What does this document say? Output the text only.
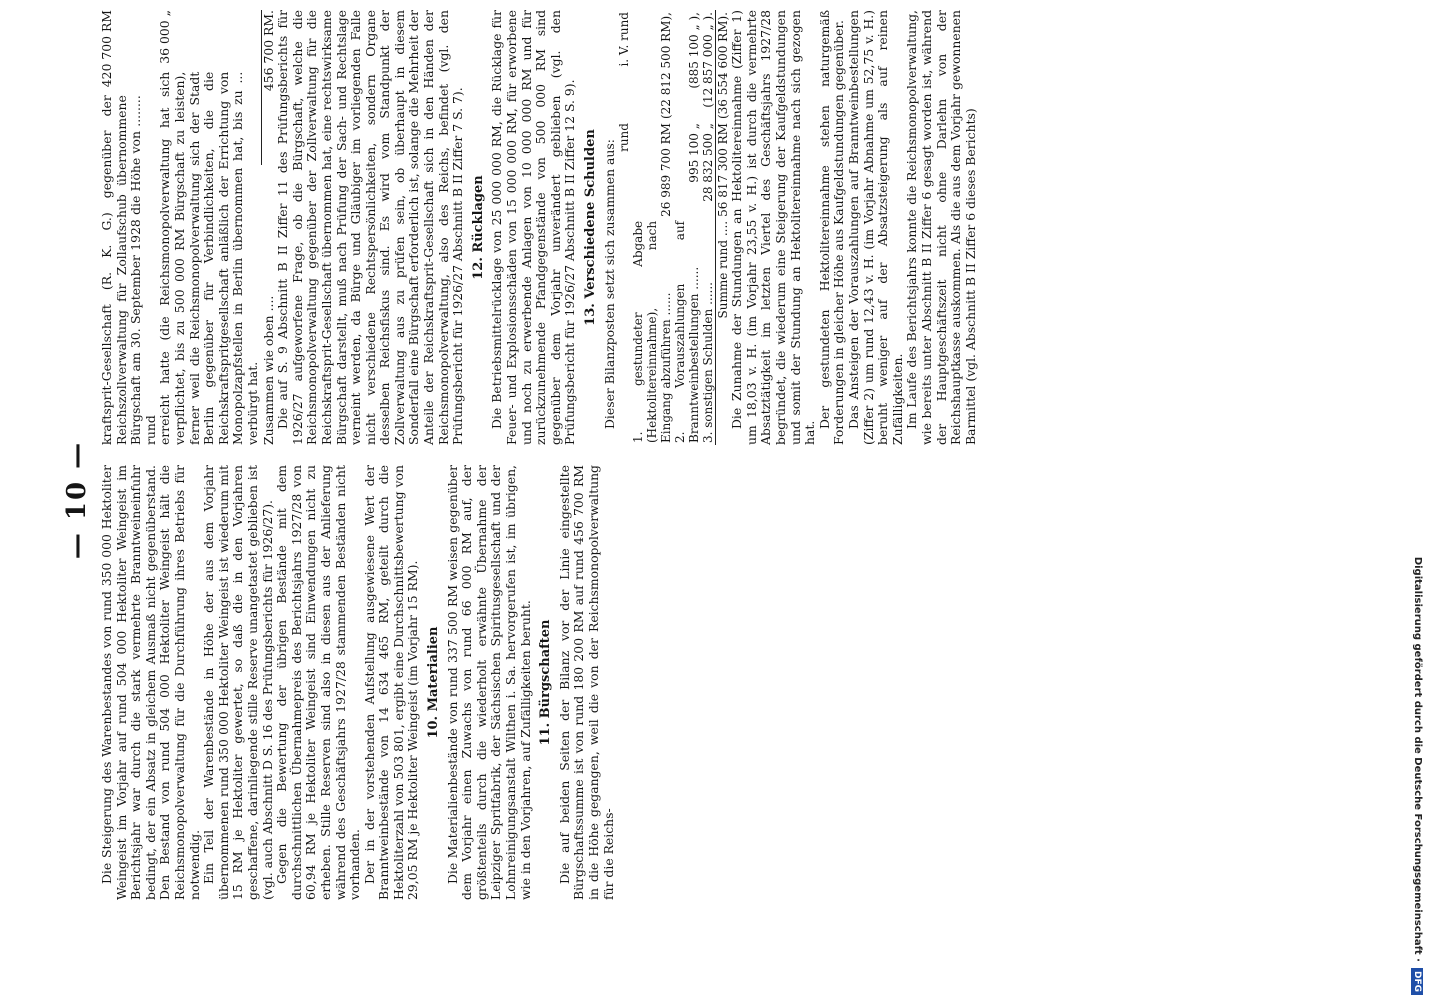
— 10 — Die Steigerung des Warenbestandes von rund 350 000 Hektoliter Weingeist im Vorjahr auf rund 504 000 Hektoliter Weingeist im Berichtsjahr war durch die stark vermehrte Branntweineinfuhr bedingt, der ein Absatz in gleichem Ausmaß nicht gegenüberstand. Den Bestand von rund 504 000 Hektoliter Weingeist hält die Reichsmonopolverwaltung für die Durchführung ihres Betriebs für notwendig. Ein Teil der Warenbestände in Höhe der aus dem Vorjahr übernommenen rund 350 000 Hektoliter Weingeist ist wiederum mit 15 RM je Hektoliter gewertet, so daß die in den Vorjahren geschaffene, darinliegende stille Reserve unangetastet geblieben ist (vgl. auch Abschnitt D S. 16 des Prüfungsberichts für 1926/27). Gegen die Bewertung der übrigen Bestände mit dem durchschnittlichen Übernahmepreis des Berichtsjahrs 1927/28 von 60,94 RM je Hektoliter Weingeist sind Einwendungen nicht zu erheben. Stille Reserven sind also in diesen aus der Anlieferung während des Geschäftsjahrs 1927/28 stammenden Beständen nicht vorhanden. Der in der vorstehenden Aufstellung ausgewiesene Wert der Branntweinbestände von 14 634 465 RM, geteilt durch die Hektoliterzahl von 503 801, ergibt eine Durchschnittsbewertung von 29,05 RM je Hektoliter Weingeist (im Vorjahr 15 RM). 10. Materialien Die Materialienbestände von rund 337 500 RM weisen gegenüber dem Vorjahr einen Zuwachs von rund 66 000 RM auf, der größtenteils durch die wiederholt erwähnte Übernahme der Leipziger Spritfabrik, der Sächsischen Spiritusgesellschaft und der Lohnreinigungsanstalt Wilthen i. Sa. hervorgerufen ist, im übrigen, wie in den Vorjahren, auf Zufälligkeiten beruht. 11. Bürgschaften Die auf beiden Seiten der Bilanz vor der Linie eingestellte Bürgschaftssumme ist von rund 180 200 RM auf rund 456 700 RM in die Höhe gegangen, weil die von der Reichsmonopolverwaltung für die Reichs-

kraftsprit-Gesellschaft (R. K. G.) gegenüber der Reichszollverwaltung für Zollaufschub übernommene Bürgschaft am 30. September 1928 die Höhe von ........ rund
420 700 RM
erreicht hatte (die Reichsmonopolverwaltung hat sich verpflichtet, bis zu 500 000 RM Bürgschaft zu leisten), ferner weil die Reichsmonopolverwaltung sich der Stadt Berlin gegenüber für Verbindlichkeiten, die die Reichskraftspritgesellschaft anläßlich der Errichtung von Monopolzapfstellen in Berlin übernommen hat, bis zu ... verbürgt hat.
36 000 „
Zusammen wie oben ....
456 700 RM. Die auf S. 9 Abschnitt B II Ziffer 11 des Prüfungsberichts für 1926/27 aufgeworfene Frage, ob die Bürgschaft, welche die Reichsmonopolverwaltung gegenüber der Zollverwaltung für die Reichskraftsprit-Gesellschaft übernommen hat, eine rechtswirksame Bürgschaft darstellt, muß nach Prüfung der Sach- und Rechtslage verneint werden, da Bürge und Gläubiger im vorliegenden Falle nicht verschiedene Rechtspersönlichkeiten, sondern Organe desselben Reichsfiskus sind. Es wird vom Standpunkt der Zollverwaltung aus zu prüfen sein, ob überhaupt in diesem Sonderfall eine Bürgschaft erforderlich ist, solange die Mehrheit der Anteile der Reichskraftsprit-Gesellschaft sich in den Händen der Reichsmonopolverwaltung, also des Reichs, befindet (vgl. den Prüfungsbericht für 1926/27 Abschnitt B II Ziffer 7 S. 7). 12. Rücklagen Die Betriebsmittelrücklage von 25 000 000 RM, die Rücklage für Feuer- und Explosionsschäden von 15 000 000 RM, für erworbene und noch zu erwerbende Anlagen von 10 000 000 RM und für zurückzunehmende Pfandgegenstände von 500 000 RM sind gegenüber dem Vorjahr unverändert geblieben (vgl. den Prüfungsbericht für 1926/27 Abschnitt B II Ziffer 12 S. 9). 13. Verschiedene Schulden Dieser Bilanzposten setzt sich zusammen aus:

	rund	i. V. rund
1. gestundeter Abgabe (Hektolitereinnahme), nach Eingang abzuführen ......	26 989 700 RM	(22 812 500 RM),
2. Vorauszahlungen auf Branntweinbestellungen ......	995 100 „	(885 100 „ ),
3. sonstigen Schulden ......	28 832 500 „	(12 857 000 „ ).
Summe rund ....	56 817 300 RM	(36 554 600 RM). Die Zunahme der Stundungen an Hektolitereinnahme (Ziffer 1) um 18,03 v. H. (im Vorjahr 23,55 v. H.) ist durch die vermehrte Absatztätigkeit im letzten Viertel des Geschäftsjahrs 1927/28 begründet, die wiederum eine Steigerung der Kaufgeldstundungen und somit der Stundung an Hektolitereinnahme nach sich gezogen hat.

Der gestundeten Hektolitereinnahme stehen naturgemäß Forderungen in gleicher Höhe aus Kaufgeldstundungen gegenüber. Das Ansteigen der Vorauszahlungen auf Branntweinbestellungen (Ziffer 2) um rund 12,43 v. H. (im Vorjahr Abnahme um 52,75 v. H.) beruht weniger auf der Absatzsteigerung als auf reinen Zufälligkeiten. Im Laufe des Berichtsjahrs konnte die Reichsmonopolverwaltung, wie bereits unter Abschnitt B II Ziffer 6 gesagt worden ist, während der Hauptgeschäftszeit nicht ohne Darlehn von der Reichshauptkasse auskommen. Als die aus dem Vorjahr gewonnenen Barmittel (vgl. Abschnitt B II Ziffer 6 dieses Berichts)

Digitalisierung gefördert durch die Deutsche Forschungsgemeinschaft ·DFG
